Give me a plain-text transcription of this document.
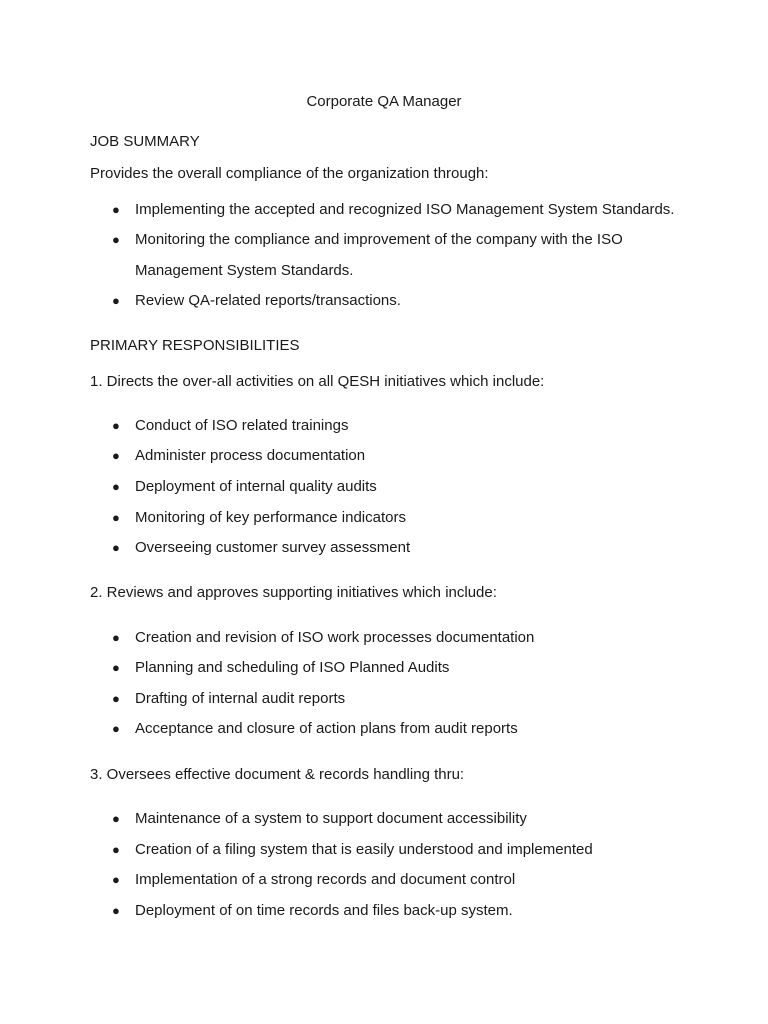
Corporate QA Manager
JOB SUMMARY
Provides the overall compliance of the organization through:
● Implementing the accepted and recognized ISO Management System Standards.
● Monitoring the compliance and improvement of the company with the ISO
Management System Standards.
● Review QA-related reports/transactions.
PRIMARY RESPONSIBILITIES
1. Directs the over-all activities on all QESH initiatives which include:
● Conduct of ISO related trainings
● Administer process documentation
● Deployment of internal quality audits
● Monitoring of key performance indicators
● Overseeing customer survey assessment
2. Reviews and approves supporting initiatives which include:
● Creation and revision of ISO work processes documentation
● Planning and scheduling of ISO Planned Audits
● Drafting of internal audit reports
● Acceptance and closure of action plans from audit reports
3. Oversees effective document & records handling thru:
● Maintenance of a system to support document accessibility
● Creation of a filing system that is easily understood and implemented
● Implementation of a strong records and document control
● Deployment of on time records and files back-up system.
